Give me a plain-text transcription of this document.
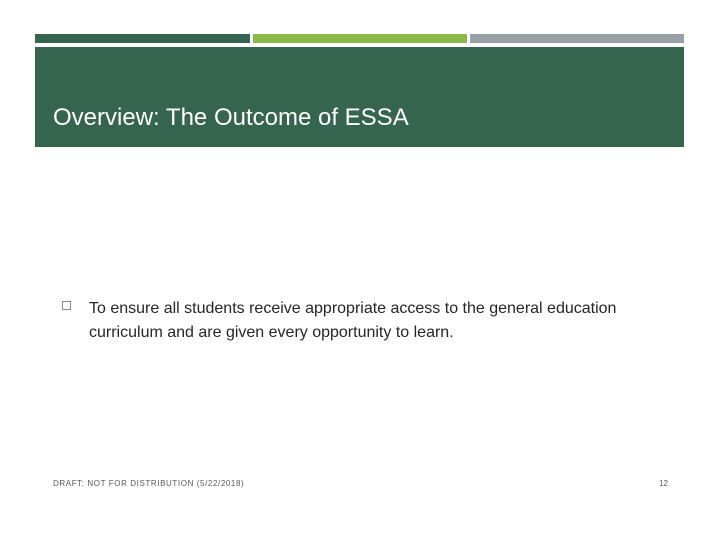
Overview: The Outcome of ESSA
To ensure all students receive appropriate access to the general education curriculum and are given every opportunity to learn.
DRAFT: NOT FOR DISTRIBUTION (5/22/2018)	12
